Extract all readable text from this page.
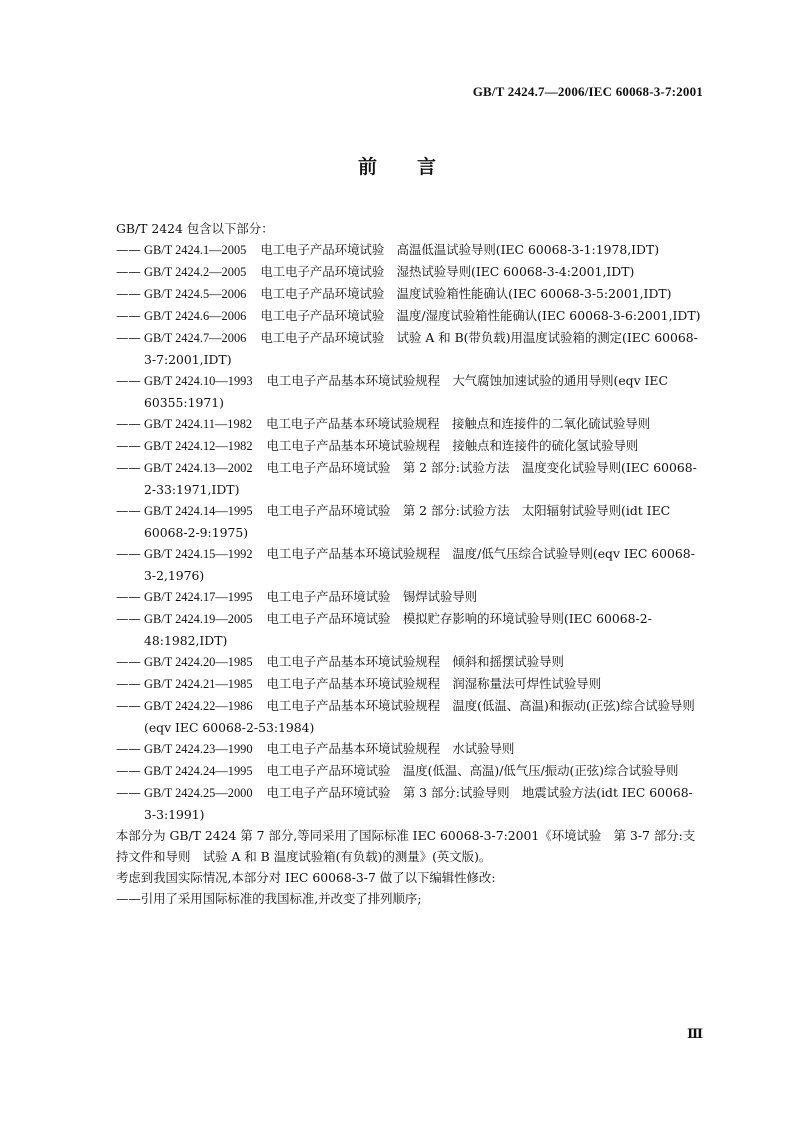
GB/T 2424.7—2006/IEC 60068-3-7:2001
前言

GB/T 2424 包含以下部分：

—— GB/T 2424.1—2005 电工电子产品环境试验　高温低温试验导则(IEC 60068-3-1:1978,IDT)

—— GB/T 2424.2—2005 电工电子产品环境试验　湿热试验导则(IEC 60068-3-4:2001,IDT)

—— GB/T 2424.5—2006 电工电子产品环境试验　温度试验箱性能确认(IEC 60068-3-5:2001,IDT)

—— GB/T 2424.6—2006 电工电子产品环境试验　温度/湿度试验箱性能确认(IEC 60068-3-6:2001,IDT)

—— GB/T 2424.7—2006 电工电子产品环境试验　试验 A 和 B(带负载)用温度试验箱的测定(IEC 60068-3-7:2001,IDT)

—— GB/T 2424.10—1993 电工电子产品基本环境试验规程　大气腐蚀加速试验的通用导则(eqv IEC 60355:1971)

—— GB/T 2424.11—1982 电工电子产品基本环境试验规程　接触点和连接件的二氧化硫试验导则

—— GB/T 2424.12—1982 电工电子产品基本环境试验规程　接触点和连接件的硫化氢试验导则

—— GB/T 2424.13—2002 电工电子产品环境试验　第 2 部分:试验方法　温度变化试验导则(IEC 60068-2-33:1971,IDT)

—— GB/T 2424.14—1995 电工电子产品环境试验　第 2 部分:试验方法　太阳辐射试验导则(idt IEC 60068-2-9:1975)

—— GB/T 2424.15—1992 电工电子产品基本环境试验规程　温度/低气压综合试验导则(eqv IEC 60068-3-2,1976)

—— GB/T 2424.17—1995 电工电子产品环境试验　锡焊试验导则

—— GB/T 2424.19—2005 电工电子产品环境试验　模拟贮存影响的环境试验导则(IEC 60068-2-48:1982,IDT)

—— GB/T 2424.20—1985 电工电子产品基本环境试验规程　倾斜和摇摆试验导则

—— GB/T 2424.21—1985 电工电子产品基本环境试验规程　润湿称量法可焊性试验导则

—— GB/T 2424.22—1986 电工电子产品基本环境试验规程　温度(低温、高温)和振动(正弦)综合试验导则(eqv IEC 60068-2-53:1984)

—— GB/T 2424.23—1990 电工电子产品基本环境试验规程　水试验导则

—— GB/T 2424.24—1995 电工电子产品环境试验　温度(低温、高温)/低气压/振动(正弦)综合试验导则

—— GB/T 2424.25—2000 电工电子产品环境试验　第 3 部分:试验导则　地震试验方法(idt IEC 60068-3-3:1991)

本部分为 GB/T 2424 第 7 部分,等同采用了国际标准 IEC 60068-3-7:2001《环境试验　第 3-7 部分:支持文件和导则　试验 A 和 B 温度试验箱(有负载)的测量》(英文版)。

考虑到我国实际情况,本部分对 IEC 60068-3-7 做了以下编辑性修改:

——引用了采用国际标准的我国标准,并改变了排列顺序;

Ⅲ
